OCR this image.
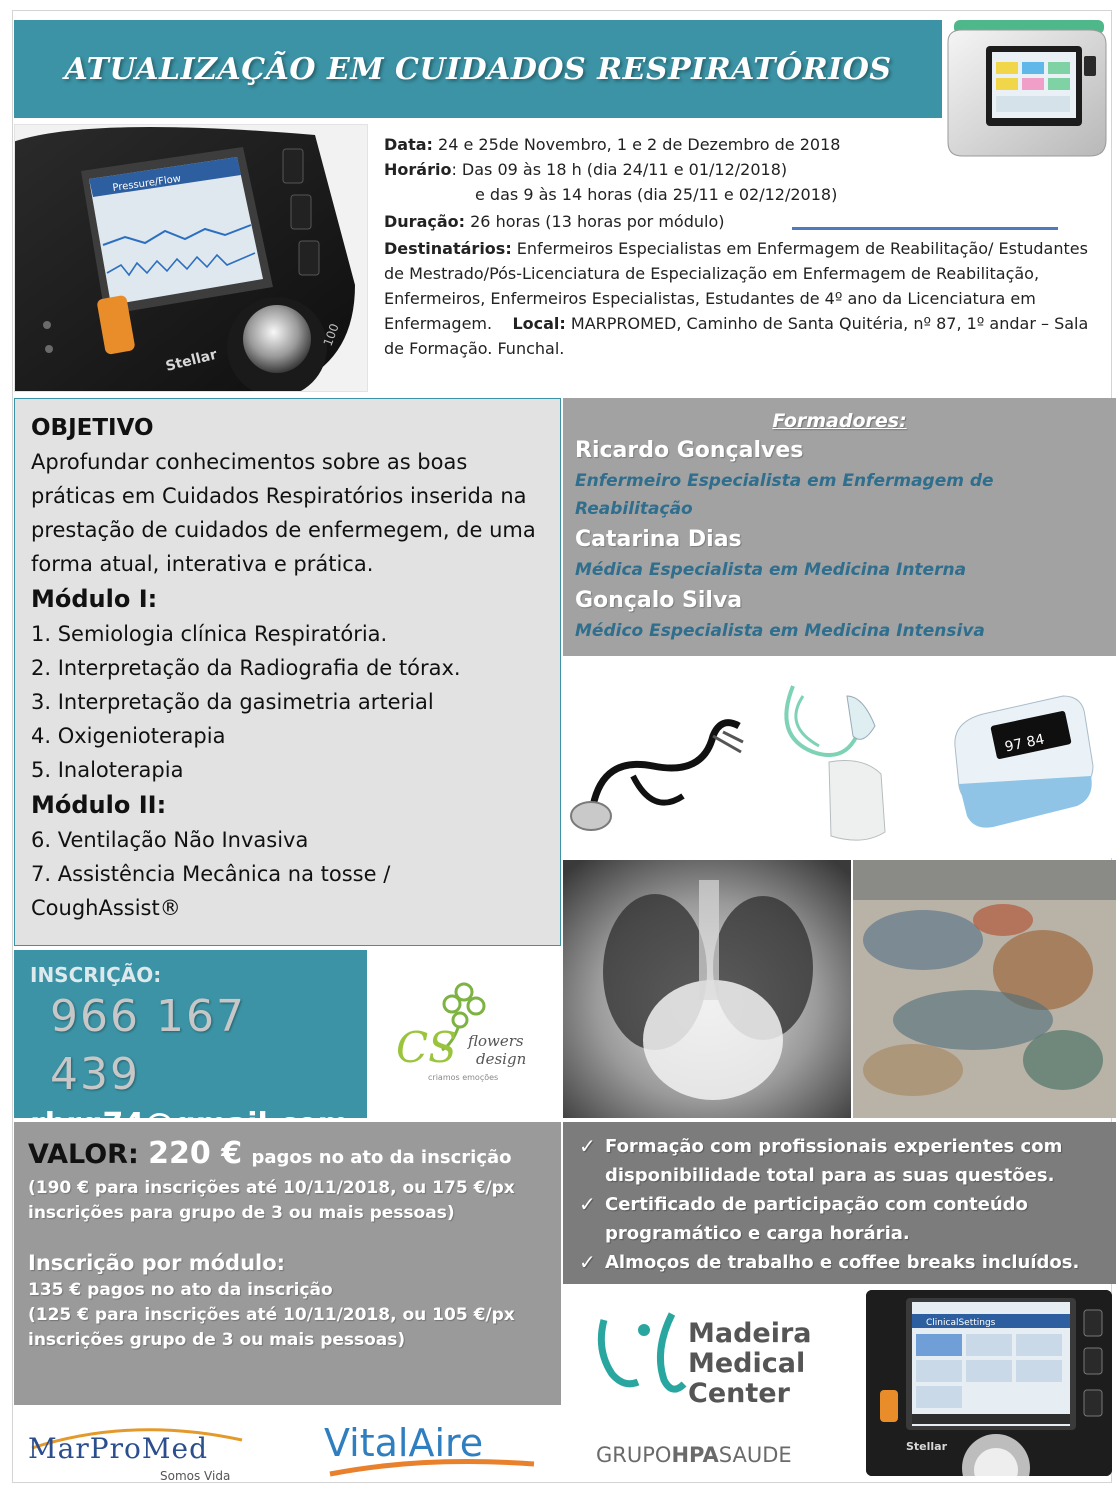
ATUALIZAÇÃO EM CUIDADOS RESPIRATÓRIOS
Pressure/Flow
Stellar
100
Data: 24 e 25de Novembro, 1 e 2 de Dezembro de 2018
Horário: Das 09 às 18 h (dia 24/11 e 01/12/2018)
e das 9 às 14 horas (dia 25/11 e 02/12/2018)
Duração: 26 horas (13 horas por módulo)
Destinatários: Enfermeiros Especialistas em Enfermagem de Reabilitação/ Estudantes de Mestrado/Pós-Licenciatura de Especialização em Enfermagem de Reabilitação, Enfermeiros, Enfermeiros Especialistas, Estudantes de 4º ano da Licenciatura em Enfermagem. Local: MARPROMED, Caminho de Santa Quitéria, nº 87, 1º andar – Sala de Formação. Funchal.
OBJETIVO
Aprofundar conhecimentos sobre as boas práticas em Cuidados Respiratórios inserida na prestação de cuidados de enfermegem, de uma forma atual, interativa e prática.
Módulo I:
1. Semiologia clínica Respiratória.
2. Interpretação da Radiografia de tórax.
3. Interpretação da gasimetria arterial
4. Oxigenioterapia
5. Inaloterapia
Módulo II:
6. Ventilação Não Invasiva
7. Assistência Mecânica na tosse /
CoughAssist®
Formadores:
Ricardo Gonçalves
Enfermeiro Especialista em Enfermagem de Reabilitação
Catarina Dias
Médica Especialista em Medicina Interna
Gonçalo Silva
Médico Especialista em Medicina Intensiva
97 84
INSCRIÇÃO:
966 167 439
CS flowers
design
criamos emoções
VALOR: 220 € pagos no ato da inscrição
(190 € para inscrições até 10/11/2018, ou 175 €/px
inscrições para grupo de 3 ou mais pessoas)
Inscrição por módulo:
135 € pagos no ato da inscrição
(125 € para inscrições até 10/11/2018, ou 105 €/px
inscrições grupo de 3 ou mais pessoas)
✓ Formação com profissionais experientes com disponibilidade total para as suas questões.
✓ Certificado de participação com conteúdo programático e carga horária.
✓ Almoços de trabalho e coffee breaks incluídos.
MarProMed
Somos Vida
VitalAire
Madeira
Medical
Center
GRUPOHPASAUDE
ClinicalSettings
Stellar
